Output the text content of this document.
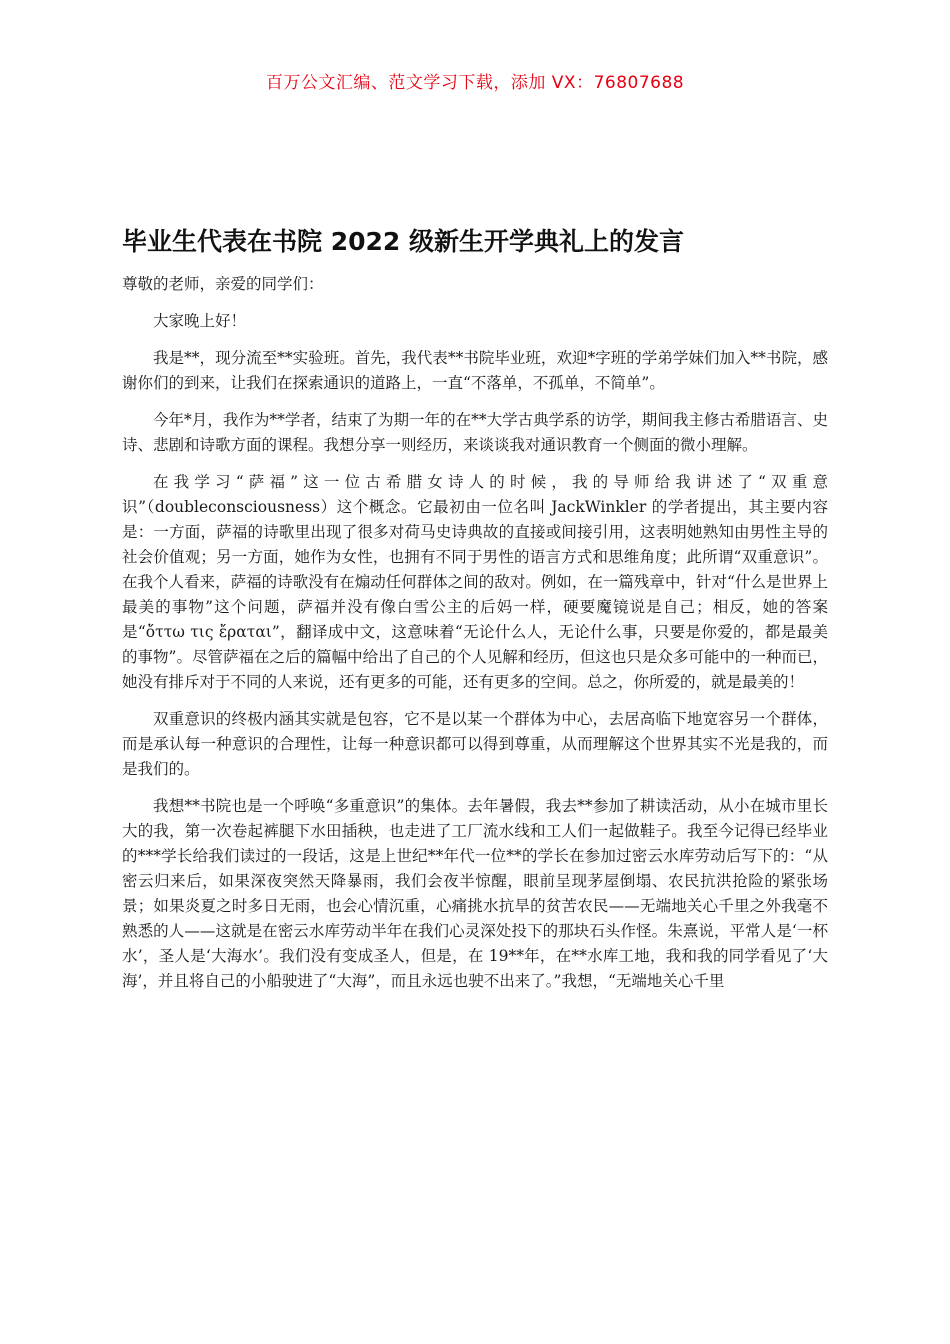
百万公文汇编、范文学习下载，添加 VX：76807688
毕业生代表在书院 2022 级新生开学典礼上的发言

尊敬的老师，亲爱的同学们：

大家晚上好！

我是**，现分流至**实验班。首先，我代表**书院毕业班，欢迎*字班的学弟学妹们加入**书院，感谢你们的到来，让我们在探索通识的道路上，一直“不落单，不孤单，不简单”。

今年*月，我作为**学者，结束了为期一年的在**大学古典学系的访学，期间我主修古希腊语言、史诗、悲剧和诗歌方面的课程。我想分享一则经历，来谈谈我对通识教育一个侧面的微小理解。

在我学习“萨福”这一位古希腊女诗人的时候，我的导师给我讲述了“双重意识”（doubleconsciousness）这个概念。它最初由一位名叫 JackWinkler 的学者提出，其主要内容是：一方面，萨福的诗歌里出现了很多对荷马史诗典故的直接或间接引用，这表明她熟知由男性主导的社会价值观；另一方面，她作为女性，也拥有不同于男性的语言方式和思维角度；此所谓“双重意识”。在我个人看来，萨福的诗歌没有在煽动任何群体之间的敌对。例如，在一篇残章中，针对“什么是世界上最美的事物”这个问题，萨福并没有像白雪公主的后妈一样，硬要魔镜说是自己；相反，她的答案是“ὄττω τις ἔραται”，翻译成中文，这意味着“无论什么人，无论什么事，只要是你爱的，都是最美的事物”。尽管萨福在之后的篇幅中给出了自己的个人见解和经历，但这也只是众多可能中的一种而已，她没有排斥对于不同的人来说，还有更多的可能，还有更多的空间。总之，你所爱的，就是最美的！

双重意识的终极内涵其实就是包容，它不是以某一个群体为中心，去居高临下地宽容另一个群体，而是承认每一种意识的合理性，让每一种意识都可以得到尊重，从而理解这个世界其实不光是我的，而是我们的。

我想**书院也是一个呼唤“多重意识”的集体。去年暑假，我去**参加了耕读活动，从小在城市里长大的我，第一次卷起裤腿下水田插秧，也走进了工厂流水线和工人们一起做鞋子。我至今记得已经毕业的***学长给我们读过的一段话，这是上世纪**年代一位**的学长在参加过密云水库劳动后写下的：“从密云归来后，如果深夜突然天降暴雨，我们会夜半惊醒，眼前呈现茅屋倒塌、农民抗洪抢险的紧张场景；如果炎夏之时多日无雨，也会心情沉重，心痛挑水抗旱的贫苦农民——无端地关心千里之外我毫不熟悉的人——这就是在密云水库劳动半年在我们心灵深处投下的那块石头作怪。朱熹说，平常人是‘一杯水’，圣人是‘大海水’。我们没有变成圣人，但是，在 19**年，在**水库工地，我和我的同学看见了‘大海’，并且将自己的小船驶进了“大海”，而且永远也驶不出来了。”我想，“无端地关心千里
